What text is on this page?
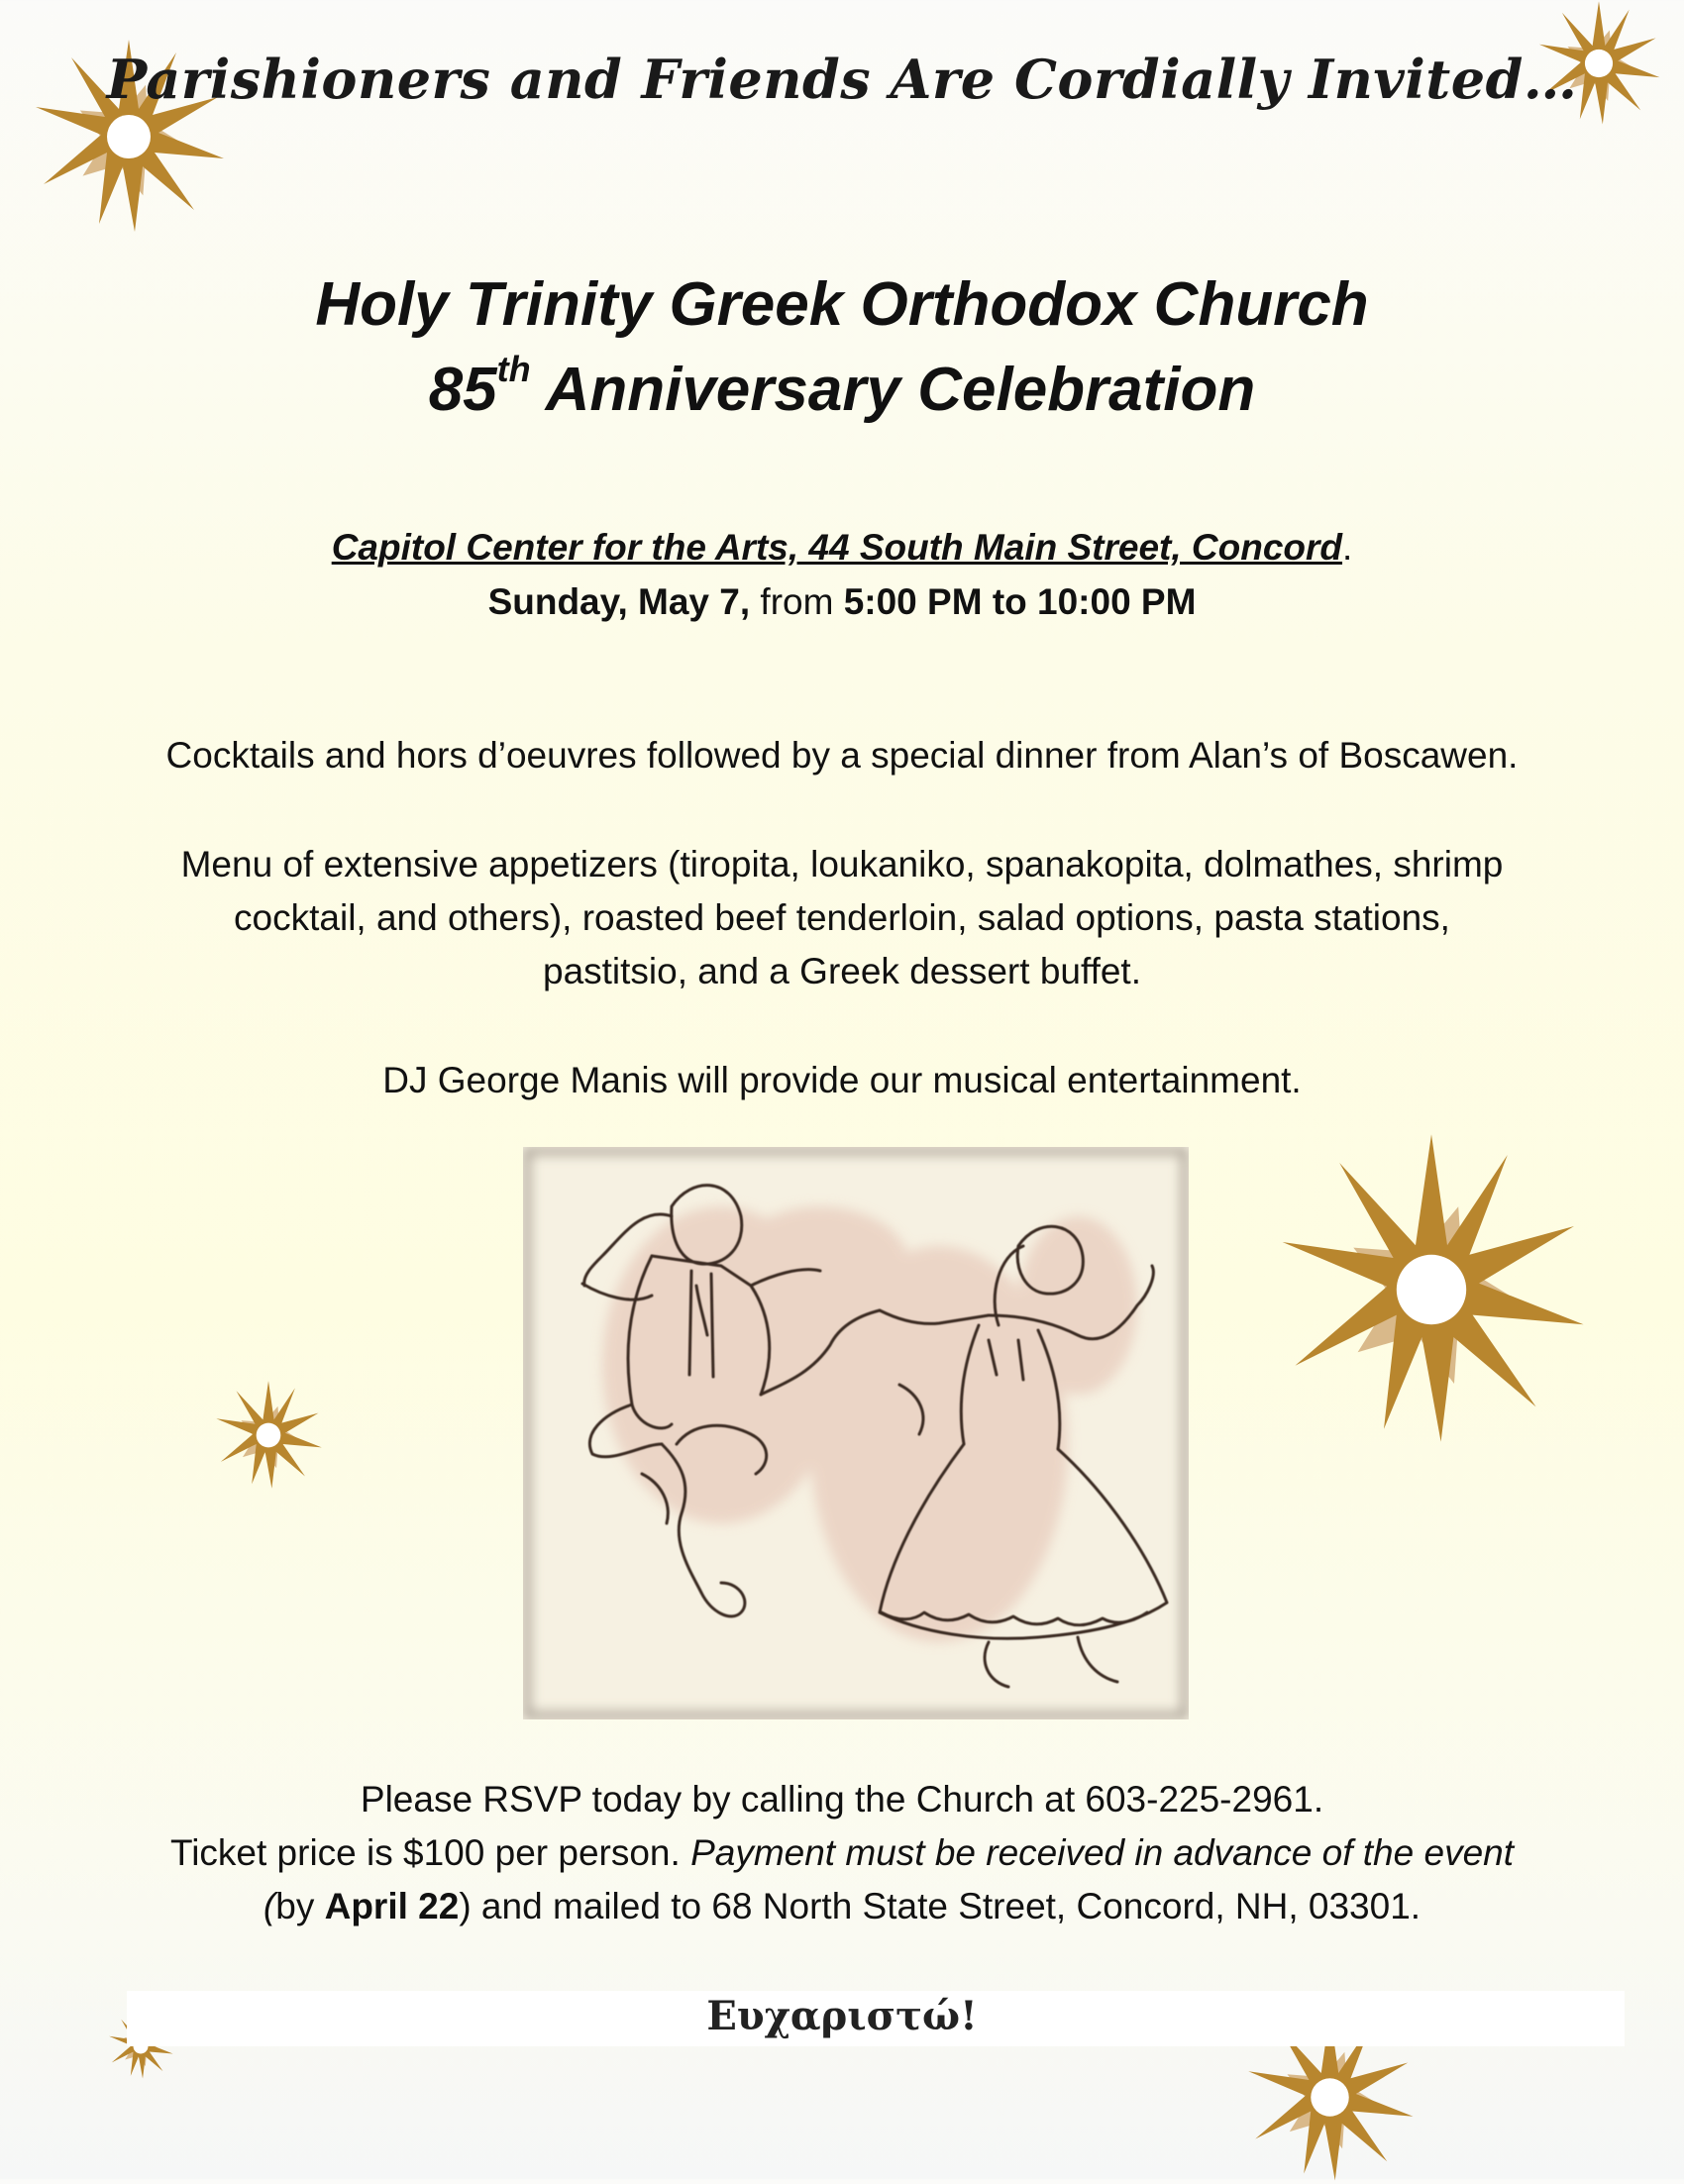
Parishioners and Friends Are Cordially Invited…
Holy Trinity Greek Orthodox Church
85th Anniversary Celebration
Capitol Center for the Arts, 44 South Main Street, Concord.
Sunday, May 7, from 5:00 PM to 10:00 PM
Cocktails and hors d’oeuvres followed by a special dinner from Alan’s of Boscawen.
Menu of extensive appetizers (tiropita, loukaniko, spanakopita, dolmathes, shrimp
cocktail, and others), roasted beef tenderloin, salad options, pasta stations,
pastitsio, and a Greek dessert buffet.
DJ George Manis will provide our musical entertainment.
Please RSVP today by calling the Church at 603-225-2961.
Ticket price is $100 per person. Payment must be received in advance of the event
(by April 22) and mailed to 68 North State Street, Concord, NH, 03301.
Ευχαριστώ!
